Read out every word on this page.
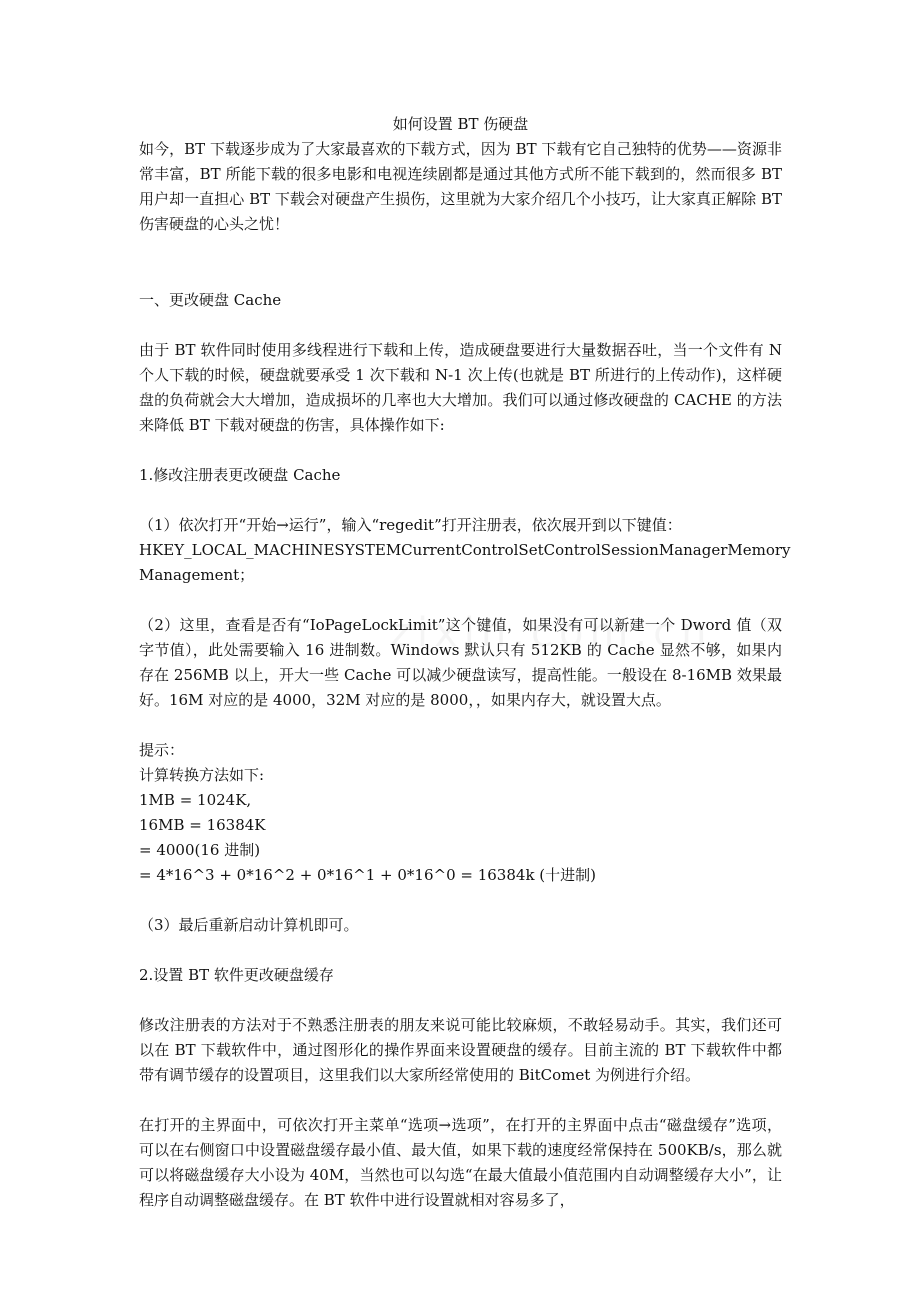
如何设置 BT 伤硬盘

如今，BT 下载逐步成为了大家最喜欢的下载方式，因为 BT 下载有它自己独特的优势——资源非常丰富，BT 所能下载的很多电影和电视连续剧都是通过其他方式所不能下载到的，然而很多 BT 用户却一直担心 BT 下载会对硬盘产生损伤，这里就为大家介绍几个小技巧，让大家真正解除 BT 伤害硬盘的心头之忧！

一、更改硬盘 Cache

由于 BT 软件同时使用多线程进行下载和上传，造成硬盘要进行大量数据吞吐，当一个文件有 N 个人下载的时候，硬盘就要承受 1 次下载和 N-1 次上传(也就是 BT 所进行的上传动作)，这样硬盘的负荷就会大大增加，造成损坏的几率也大大增加。我们可以通过修改硬盘的 CACHE 的方法来降低 BT 下载对硬盘的伤害，具体操作如下:

1.修改注册表更改硬盘 Cache

（1）依次打开“开始→运行”，输入“regedit”打开注册表，依次展开到以下键值：
HKEY_LOCAL_MACHINESYSTEMCurrentControlSetControlSession ManagerMemory
Management；

（2）这里，查看是否有“IoPageLockLimit”这个键值，如果没有可以新建一个 Dword 值（双字节值），此处需要输入 16 进制数。Windows 默认只有 512KB 的 Cache 显然不够，如果内存在 256MB 以上，开大一些 Cache 可以减少硬盘读写，提高性能。一般设在 8-16MB 效果最好。16M 对应的是 4000，32M 对应的是 8000，，如果内存大，就设置大点。

提示：
计算转换方法如下:
1MB = 1024K,
16MB = 16384K
= 4000(16 进制)
= 4*16^3 + 0*16^2 + 0*16^1 + 0*16^0 = 16384k (十进制)

（3）最后重新启动计算机即可。

2.设置 BT 软件更改硬盘缓存

修改注册表的方法对于不熟悉注册表的朋友来说可能比较麻烦，不敢轻易动手。其实，我们还可以在 BT 下载软件中，通过图形化的操作界面来设置硬盘的缓存。目前主流的 BT 下载软件中都带有调节缓存的设置项目，这里我们以大家所经常使用的 BitComet 为例进行介绍。

在打开的主界面中，可依次打开主菜单“选项→选项”，在打开的主界面中点击“磁盘缓存”选项，可以在右侧窗口中设置磁盘缓存最小值、最大值，如果下载的速度经常保持在 500KB/s，那么就可以将磁盘缓存大小设为 40M，当然也可以勾选“在最大值最小值范围内自动调整缓存大小”，让程序自动调整磁盘缓存。在 BT 软件中进行设置就相对容易多了，
